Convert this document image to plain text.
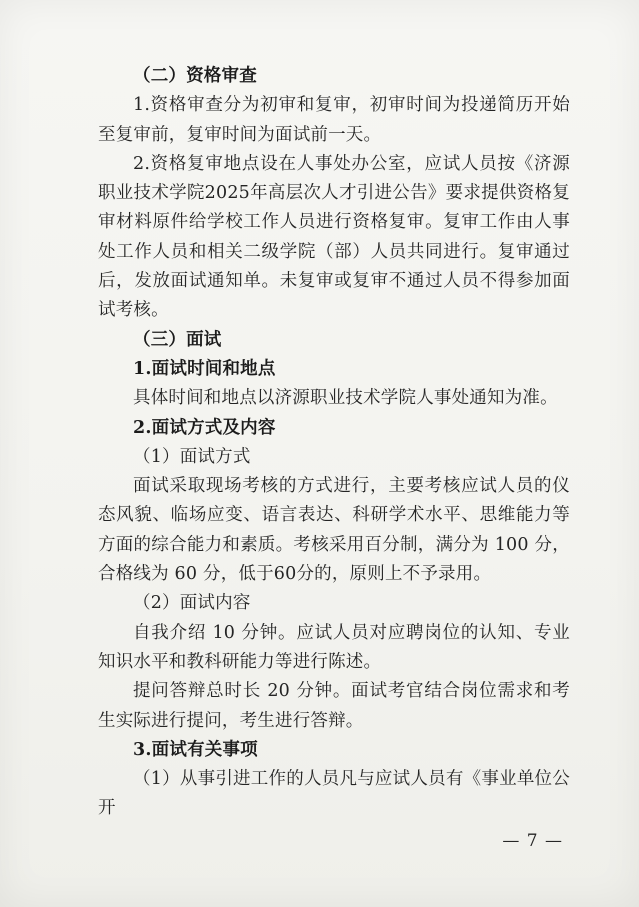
（二）资格审查

1.资格审查分为初审和复审，初审时间为投递简历开始至复审前，复审时间为面试前一天。

2.资格复审地点设在人事处办公室，应试人员按《济源职业技术学院2025年高层次人才引进公告》要求提供资格复审材料原件给学校工作人员进行资格复审。复审工作由人事处工作人员和相关二级学院（部）人员共同进行。复审通过后，发放面试通知单。未复审或复审不通过人员不得参加面试考核。

（三）面试

1.面试时间和地点

具体时间和地点以济源职业技术学院人事处通知为准。

2.面试方式及内容

（1）面试方式

面试采取现场考核的方式进行，主要考核应试人员的仪态风貌、临场应变、语言表达、科研学术水平、思维能力等方面的综合能力和素质。考核采用百分制，满分为 100 分，合格线为 60 分，低于60分的，原则上不予录用。

（2）面试内容

自我介绍 10 分钟。应试人员对应聘岗位的认知、专业知识水平和教科研能力等进行陈述。

提问答辩总时长 20 分钟。面试考官结合岗位需求和考生实际进行提问，考生进行答辩。

3.面试有关事项

（1）从事引进工作的人员凡与应试人员有《事业单位公开

— 7 —
